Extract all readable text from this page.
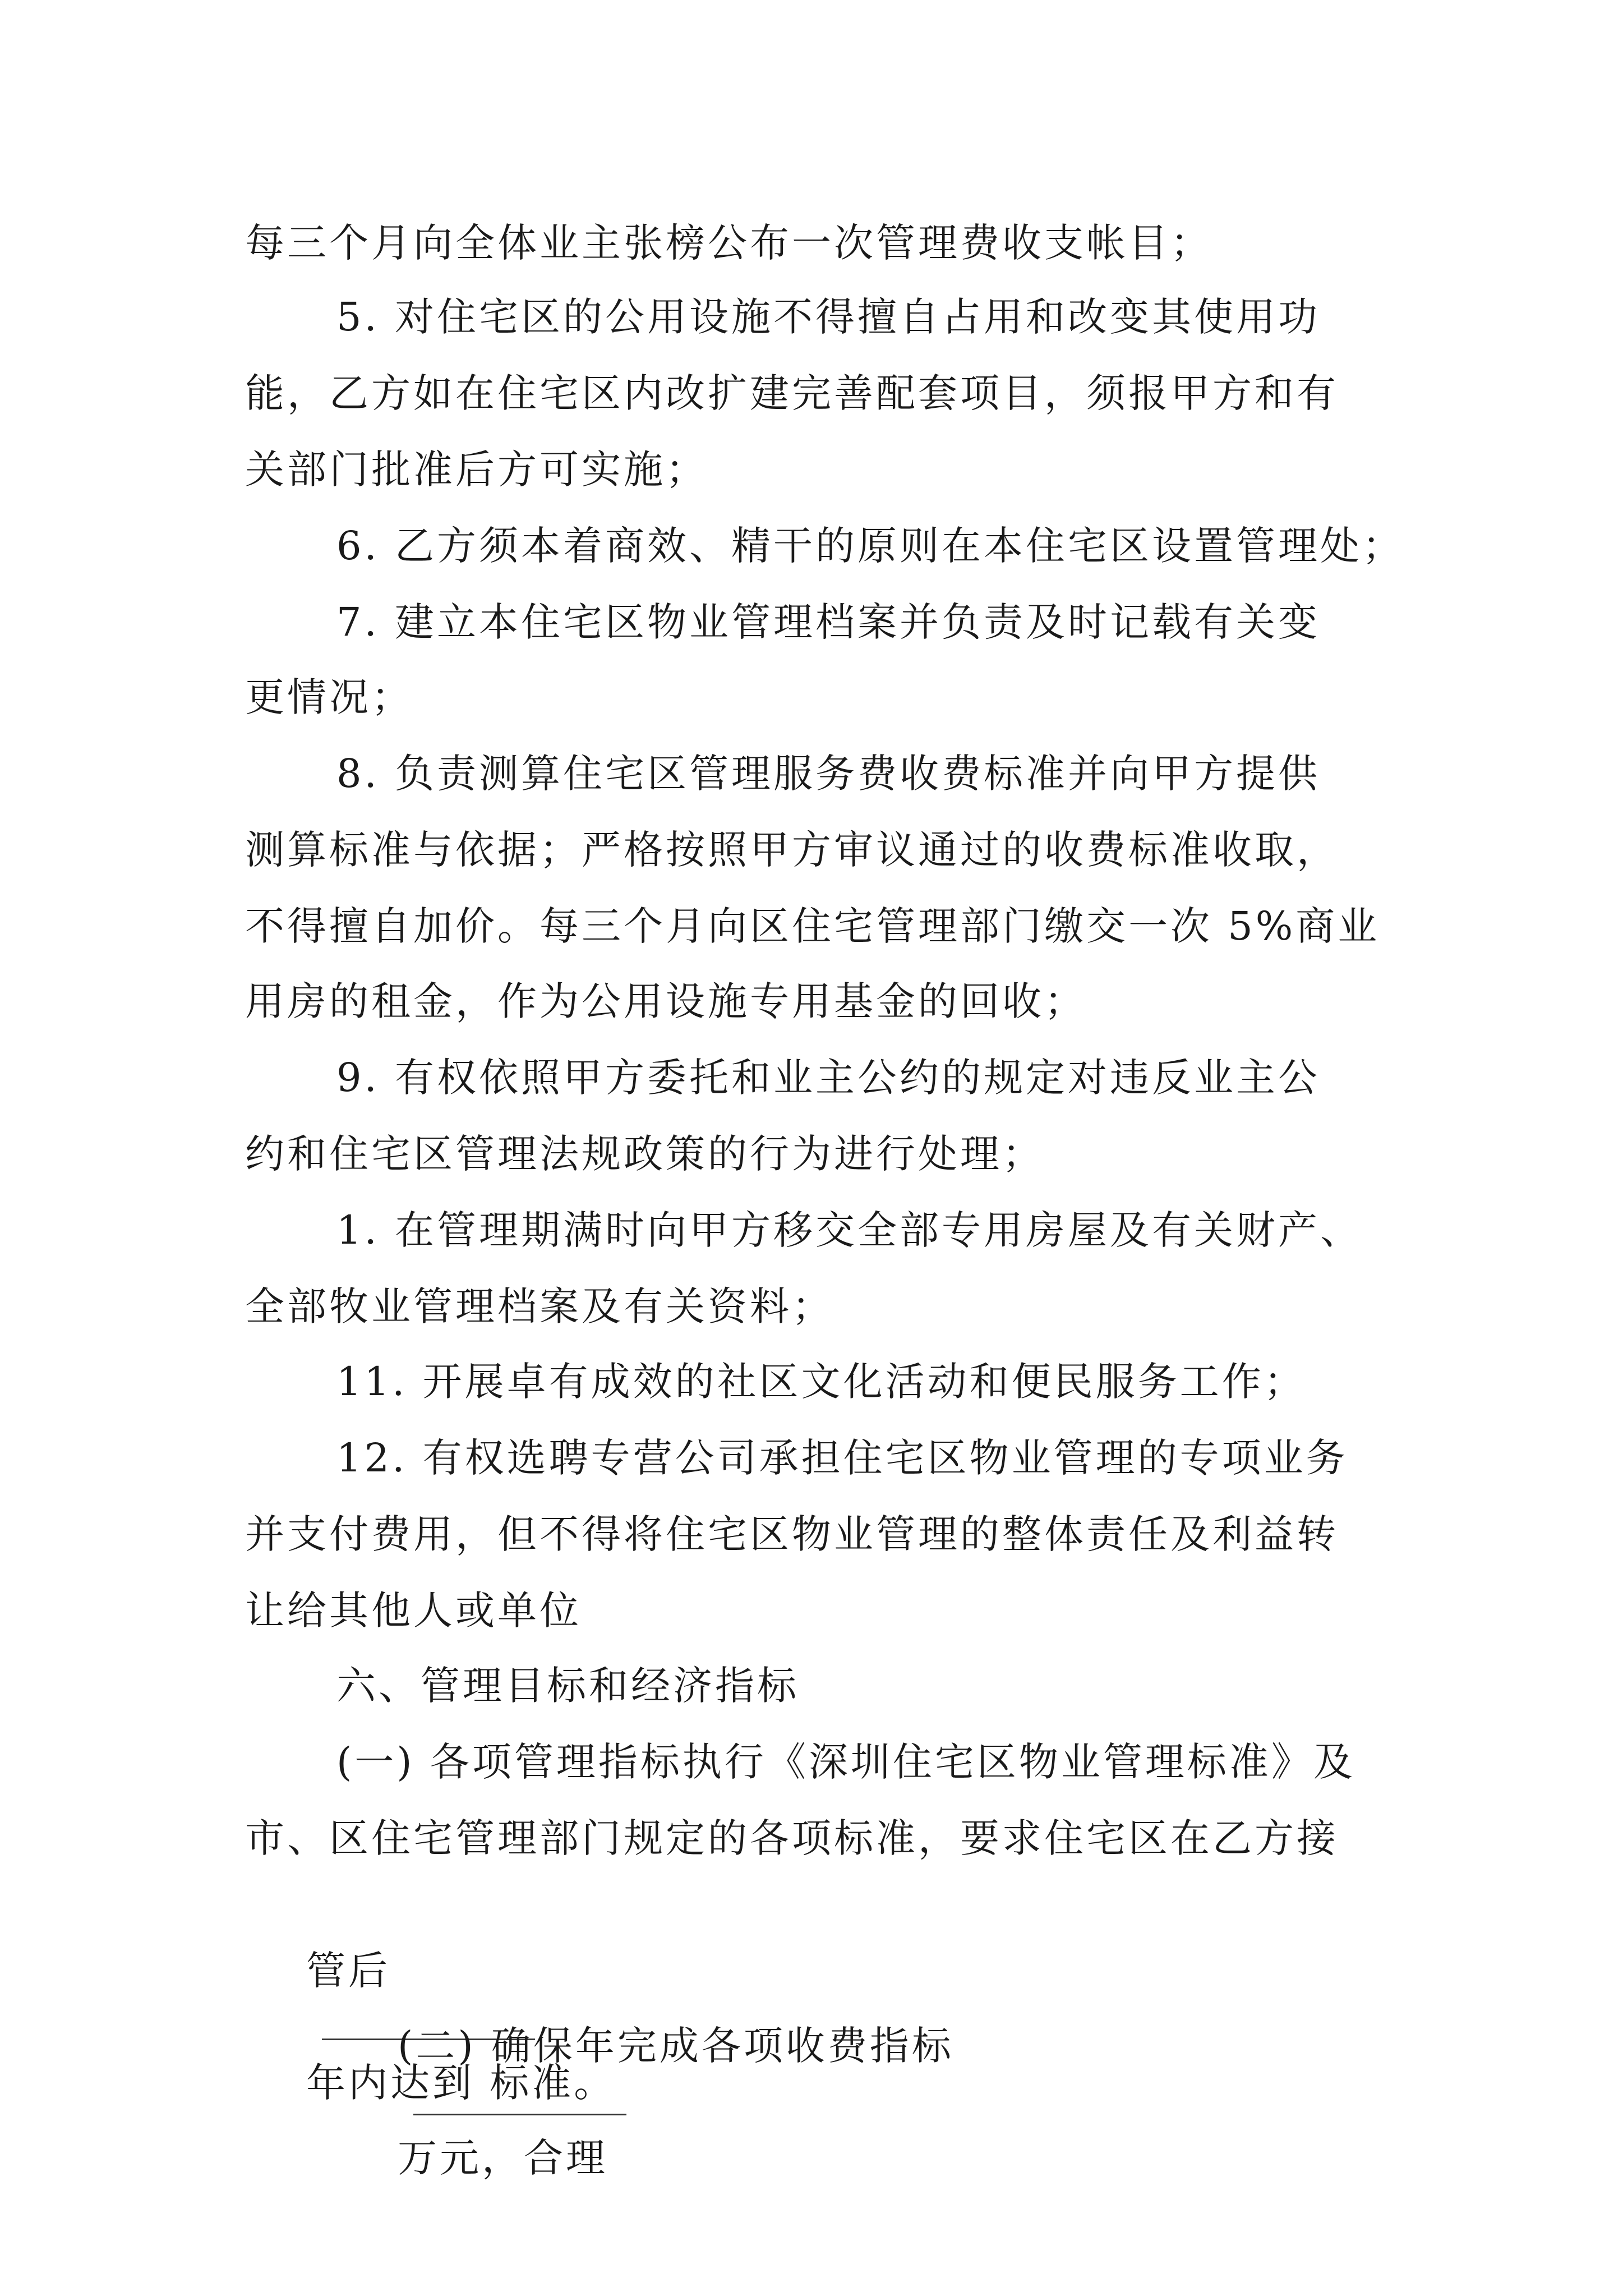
每三个月向全体业主张榜公布一次管理费收支帐目；
5. 对住宅区的公用设施不得擅自占用和改变其使用功
能，乙方如在住宅区内改扩建完善配套项目，须报甲方和有
关部门批准后方可实施；
6. 乙方须本着商效、精干的原则在本住宅区设置管理处；
7. 建立本住宅区物业管理档案并负责及时记载有关变
更情况；
8. 负责测算住宅区管理服务费收费标准并向甲方提供
测算标准与依据；严格按照甲方审议通过的收费标准收取，
不得擅自加价。每三个月向区住宅管理部门缴交一次 5%商业
用房的租金，作为公用设施专用基金的回收；
9. 有权依照甲方委托和业主公约的规定对违反业主公
约和住宅区管理法规政策的行为进行处理；
1. 在管理期满时向甲方移交全部专用房屋及有关财产、
全部牧业管理档案及有关资料；
11. 开展卓有成效的社区文化活动和便民服务工作；
12. 有权选聘专营公司承担住宅区物业管理的专项业务
并支付费用，但不得将住宅区物业管理的整体责任及利益转
让给其他人或单位
六、管理目标和经济指标
(一) 各项管理指标执行《深圳住宅区物业管理标准》及
市、区住宅管理部门规定的各项标准，要求住宅区在乙方接

管后

年内达到 标准。

(二) 确保年完成各项收费指标

万元，合理
